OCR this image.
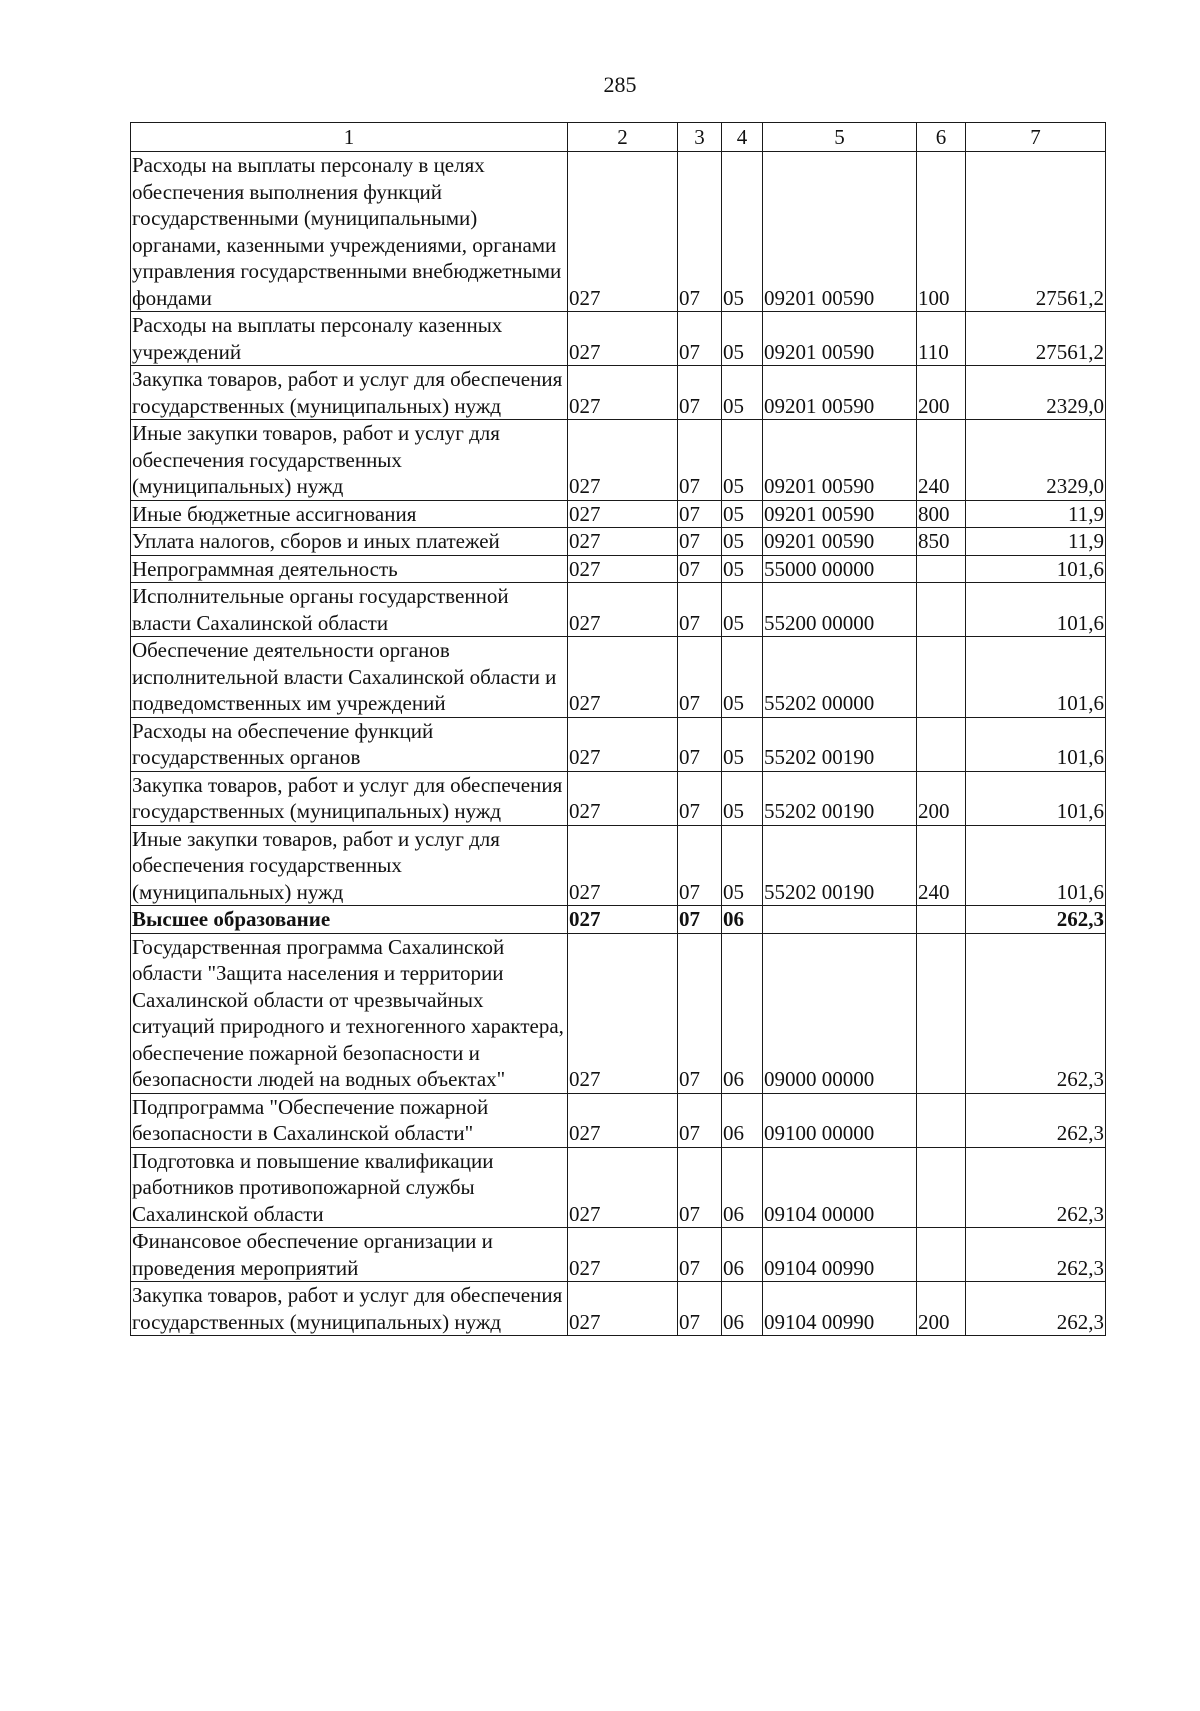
285
1	2	3	4	5	6	7
Расходы на выплаты персоналу в целях обеспечения выполнения функций государственными (муниципальными) органами, казенными учреждениями, органами управления государственными внебюджетными фондами	027	07	05	09201 00590	100	27561,2
Расходы на выплаты персоналу казенных учреждений	027	07	05	09201 00590	110	27561,2
Закупка товаров, работ и услуг для обеспечения государственных (муниципальных) нужд	027	07	05	09201 00590	200	2329,0
Иные закупки товаров, работ и услуг для обеспечения государственных (муниципальных) нужд	027	07	05	09201 00590	240	2329,0
Иные бюджетные ассигнования	027	07	05	09201 00590	800	11,9
Уплата налогов, сборов и иных платежей	027	07	05	09201 00590	850	11,9
Непрограммная деятельность	027	07	05	55000 00000		101,6
Исполнительные органы государственной власти Сахалинской области	027	07	05	55200 00000		101,6
Обеспечение деятельности органов исполнительной власти Сахалинской области и подведомственных им учреждений	027	07	05	55202 00000		101,6
Расходы на обеспечение функций государственных органов	027	07	05	55202 00190		101,6
Закупка товаров, работ и услуг для обеспечения государственных (муниципальных) нужд	027	07	05	55202 00190	200	101,6
Иные закупки товаров, работ и услуг для обеспечения государственных (муниципальных) нужд	027	07	05	55202 00190	240	101,6
Высшее образование	027	07	06			262,3
Государственная программа Сахалинской области "Защита населения и территории Сахалинской области от чрезвычайных ситуаций природного и техногенного характера, обеспечение пожарной безопасности и безопасности людей на водных объектах"	027	07	06	09000 00000		262,3
Подпрограмма "Обеспечение пожарной безопасности в Сахалинской области"	027	07	06	09100 00000		262,3
Подготовка и повышение квалификации работников противопожарной службы Сахалинской области	027	07	06	09104 00000		262,3
Финансовое обеспечение организации и проведения мероприятий	027	07	06	09104 00990		262,3
Закупка товаров, работ и услуг для обеспечения государственных (муниципальных) нужд	027	07	06	09104 00990	200	262,3
